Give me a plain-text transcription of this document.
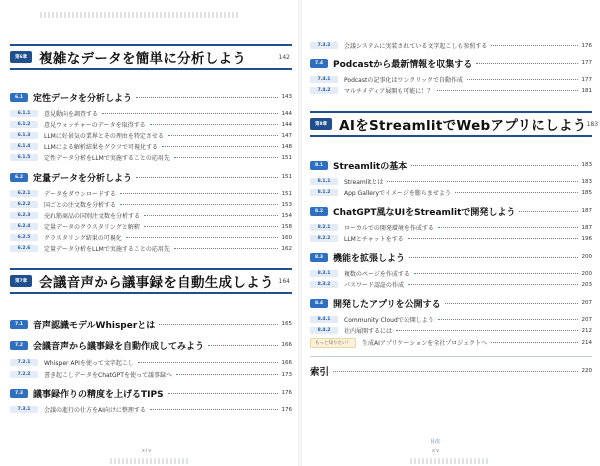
第6章 複雑なデータを簡単に分析しよう	142
6.1	定性データを分析しよう	143
6.1.1	意見動向を調査する	144
6.1.2	意見ウォッチャーのデータを取得する	144
6.1.3	LLMに好景気の業界とその理由を特定させる	147
6.1.4	LLMによる解析結果をグラフで可視化する	148
6.1.5	定性データ分析をLLMで実施することの応用先	151
6.2	定量データを分析しよう	151
6.2.1	データをダウンロードする	151
6.2.2	国ごとの注文数を分析する	153
6.2.3	売れ筋商品の国別注文数を分析する	154
6.2.4	定量データのクラスタリングと解釈	158
6.2.5	クラスタリング結果の可視化	160
6.2.6	定量データ分析をLLMで実施することの応用先	162
第7章 会議音声から議事録を自動生成しよう 164
7.1	音声認識モデルWhisperとは	165
7.2	会議音声から議事録を自動作成してみよう	166
7.2.1	Whisper APIを使って文字起こし	166
7.2.2	書き起こしデータをChatGPTを使って議事録へ	173
7.3	議事録作りの精度を上げるTIPS	176
7.3.1	会議の進行の仕方をAI向けに整理する	176
xiv
7.3.2	会議システムに実装されている文字起こしも参照する	176
7.4	Podcastから最新情報を収集する	177
7.4.1	Podcastの記事化はワンクリックで自動作成	177
7.4.2	マルチメディア展開も可能に！？	181
第8章 AIをStreamlitでWebアプリにしよう 183
8.1	Streamlitの基本	183
8.1.1	Streamlitとは	183
8.1.2	App Galleryでイメージを膨らませよう	185
8.2	ChatGPT風なUIをStreamlitで開発しよう	187
8.2.1	ローカルでの開発環境を作成する	187
8.2.2	LLMとチャットをする	196
8.3	機能を拡張しよう	200
8.3.1	複数のページを作成する	200
8.3.2	パスワード認証の作成	203
8.4	開発したアプリを公開する	207
8.4.1	Community Cloudで公開しよう	207
8.4.2	社内展開するには	212
もっと知りたい！	生成AIアプリケーションを全社プロジェクトへ	214
索引	220
目次
xv
